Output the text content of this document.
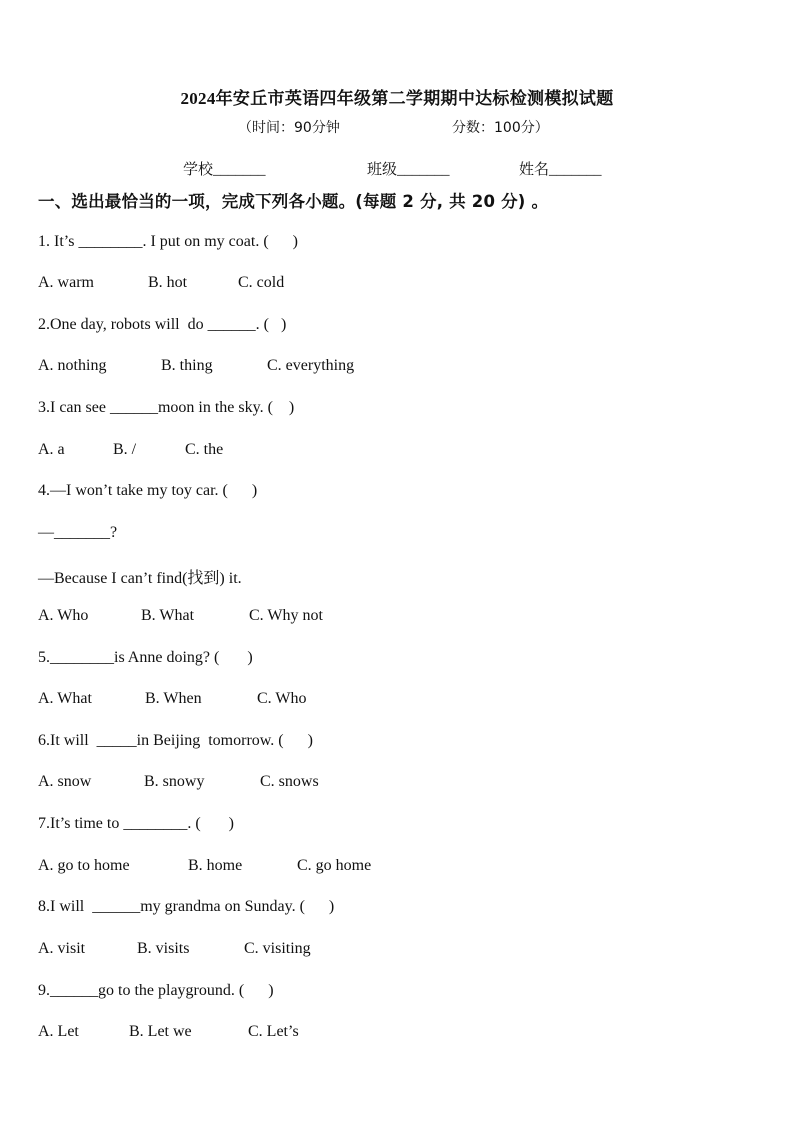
2024年安丘市英语四年级第二学期期中达标检测模拟试题
（时间：90分钟	分数：100分）
学校_______	班级_______	姓名_______
一、选出最恰当的一项，完成下列各小题。(每题 2 分, 共 20 分) 。
1. It’s ________. I put on my coat. (      )
A. warm	B. hot	C. cold
2.One day, robots will  do ______. (   )
A. nothing	B. thing	C. everything
3.I can see ______moon in the sky. (    )
A. a	B. /	C. the
4.—I won’t take my toy car. (      )
—_______?
—Because I can’t find(找到) it.
A. Who	B. What	C. Why not
5.________is Anne doing? (       )
A. What	B. When	C. Who
6.It will  _____in Beijing  tomorrow. (      )
A. snow	B. snowy	C. snows
7.It’s time to ________. (       )
A. go to home	B. home	C. go home
8.I will  ______my grandma on Sunday. (      )
A. visit	B. visits	C. visiting
9.______go to the playground. (      )
A. Let	B. Let we	C. Let’s
